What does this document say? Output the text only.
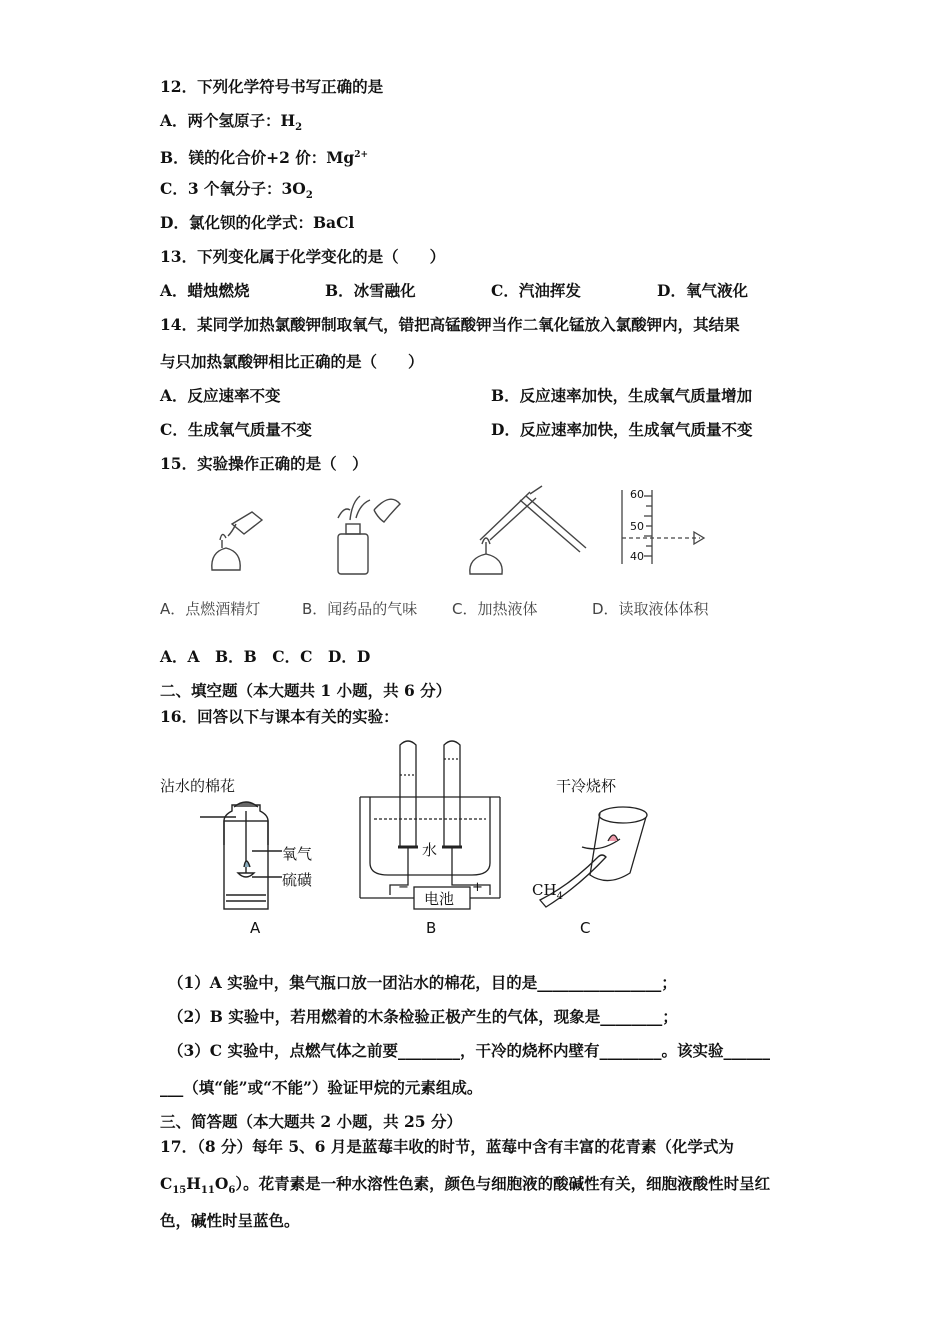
12．下列化学符号书写正确的是
A．两个氢原子：$H_2$
B．镁的化合价+2 价：$Mg^{2+}$
C．3 个氧分子：$3O_2$
D．氯化钡的化学式：BaCl
13．下列变化属于化学变化的是（　　）
A．蜡烛燃烧	B．冰雪融化	C．汽油挥发	D．氧气液化
14．某同学加热氯酸钾制取氧气，错把高锰酸钾当作二氧化锰放入氯酸钾内，其结果
与只加热氯酸钾相比正确的是（　　）
A．反应速率不变	B．反应速率加快，生成氧气质量增加
C．生成氧气质量不变	D．反应速率加快，生成氧气质量不变
15．实验操作正确的是（　）
60
50
40
A．点燃酒精灯	B．闻药品的气味 C．加热液体	D．读取液体体积
A．A　B．B　C．C　D．D
二、填空题（本大题共 1 小题，共 6 分）
16．回答以下与课本有关的实验：
沾水的棉花
氧气
硫磺
A
水
电池
−	+
B
干冷烧杯
$CH_4$
C
（1）A 实验中，集气瓶口放一团沾水的棉花，目的是________________；
（2）B 实验中，若用燃着的木条检验正极产生的气体，现象是________；
（3）C 实验中，点燃气体之前要________，干冷的烧杯内壁有________。该实验______
___（填“能”或“不能”）验证甲烷的元素组成。
三、简答题（本大题共 2 小题，共 25 分）
17．（8 分）每年 5、6 月是蓝莓丰收的时节，蓝莓中含有丰富的花青素（化学式为
$C_{15}H_{11}O_6$）。花青素是一种水溶性色素，颜色与细胞液的酸碱性有关，细胞液酸性时呈红
色，碱性时呈蓝色。
